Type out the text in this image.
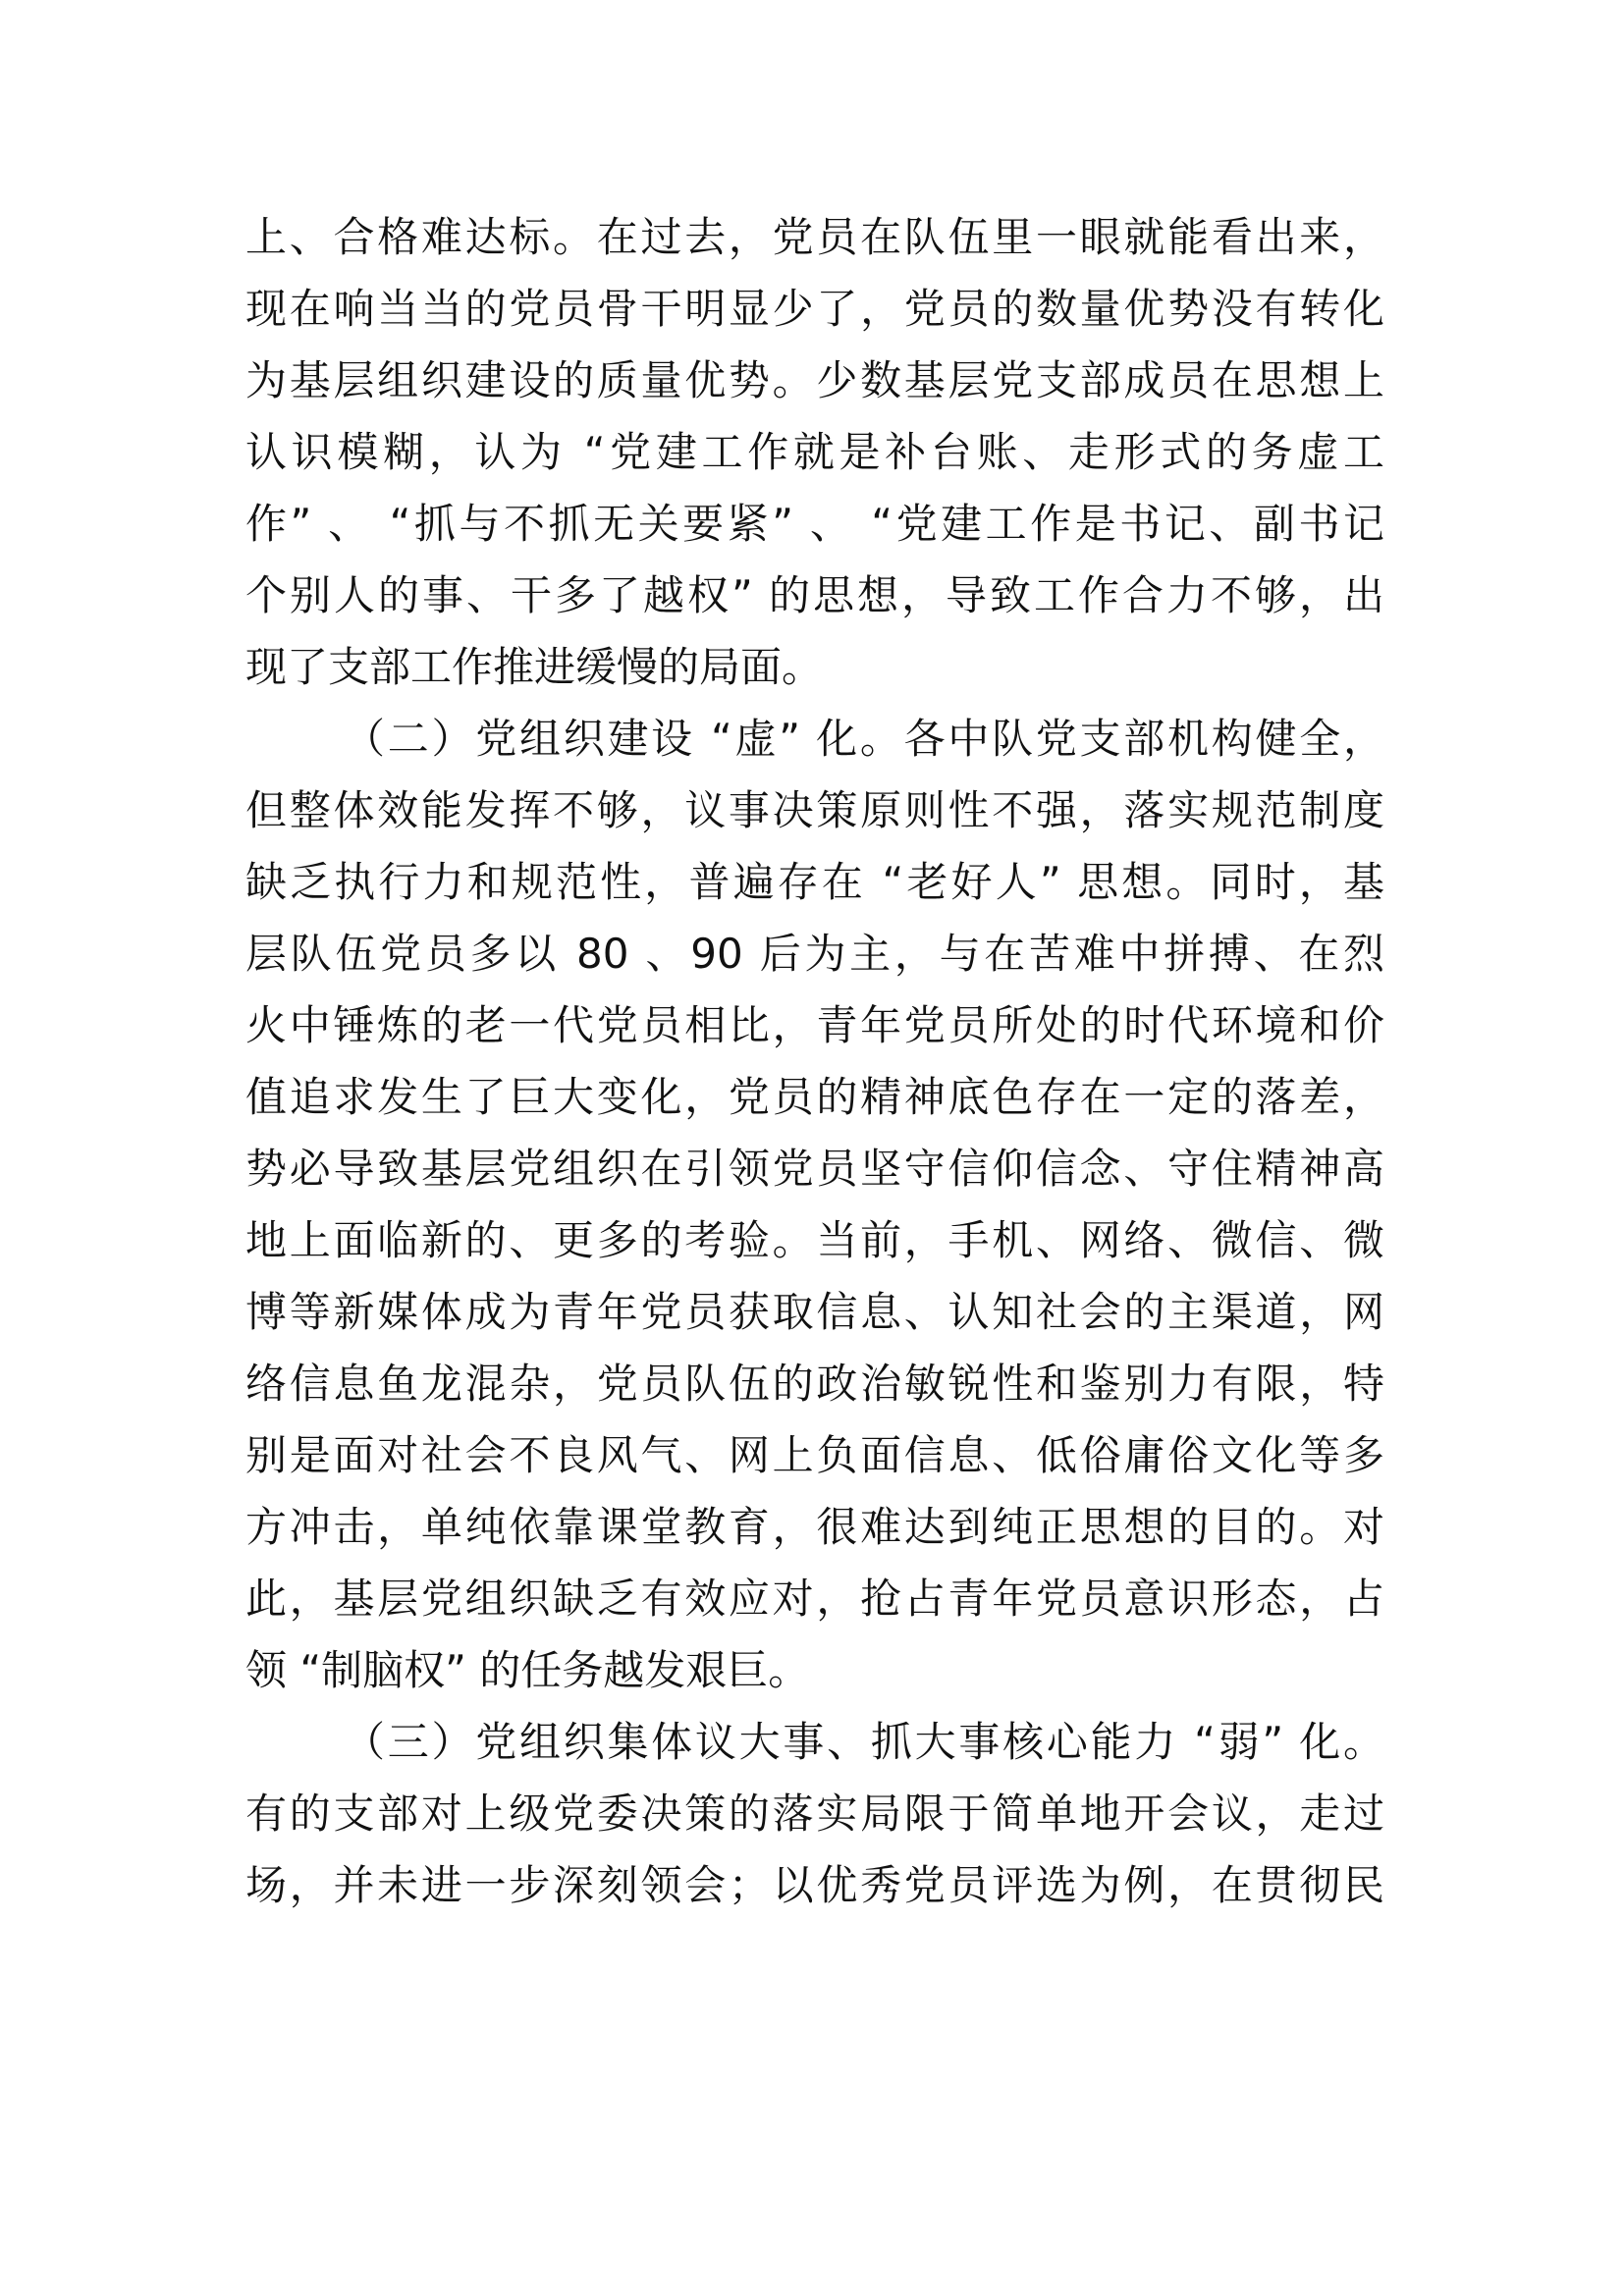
上、合格难达标。在过去，党员在队伍里一眼就能看出来，
现在响当当的党员骨干明显少了，党员的数量优势没有转化
为基层组织建设的质量优势。少数基层党支部成员在思想上
认识模糊，认为 “党建工作就是补台账、走形式的务虚工
作” 、 “抓与不抓无关要紧” 、 “党建工作是书记、副书记
个别人的事、干多了越权” 的思想，导致工作合力不够，出
现了支部工作推进缓慢的局面。
（二）党组织建设 “虚” 化。各中队党支部机构健全，
但整体效能发挥不够，议事决策原则性不强，落实规范制度
缺乏执行力和规范性，普遍存在 “老好人” 思想。同时，基
层队伍党员多以 80 、90 后为主，与在苦难中拼搏、在烈
火中锤炼的老一代党员相比，青年党员所处的时代环境和价
值追求发生了巨大变化，党员的精神底色存在一定的落差，
势必导致基层党组织在引领党员坚守信仰信念、守住精神高
地上面临新的、更多的考验。当前，手机、网络、微信、微
博等新媒体成为青年党员获取信息、认知社会的主渠道，网
络信息鱼龙混杂，党员队伍的政治敏锐性和鉴别力有限，特
别是面对社会不良风气、网上负面信息、低俗庸俗文化等多
方冲击，单纯依靠课堂教育，很难达到纯正思想的目的。对
此，基层党组织缺乏有效应对，抢占青年党员意识形态，占
领 “制脑权” 的任务越发艰巨。
（三）党组织集体议大事、抓大事核心能力 “弱” 化。
有的支部对上级党委决策的落实局限于简单地开会议，走过
场，并未进一步深刻领会；以优秀党员评选为例，在贯彻民
